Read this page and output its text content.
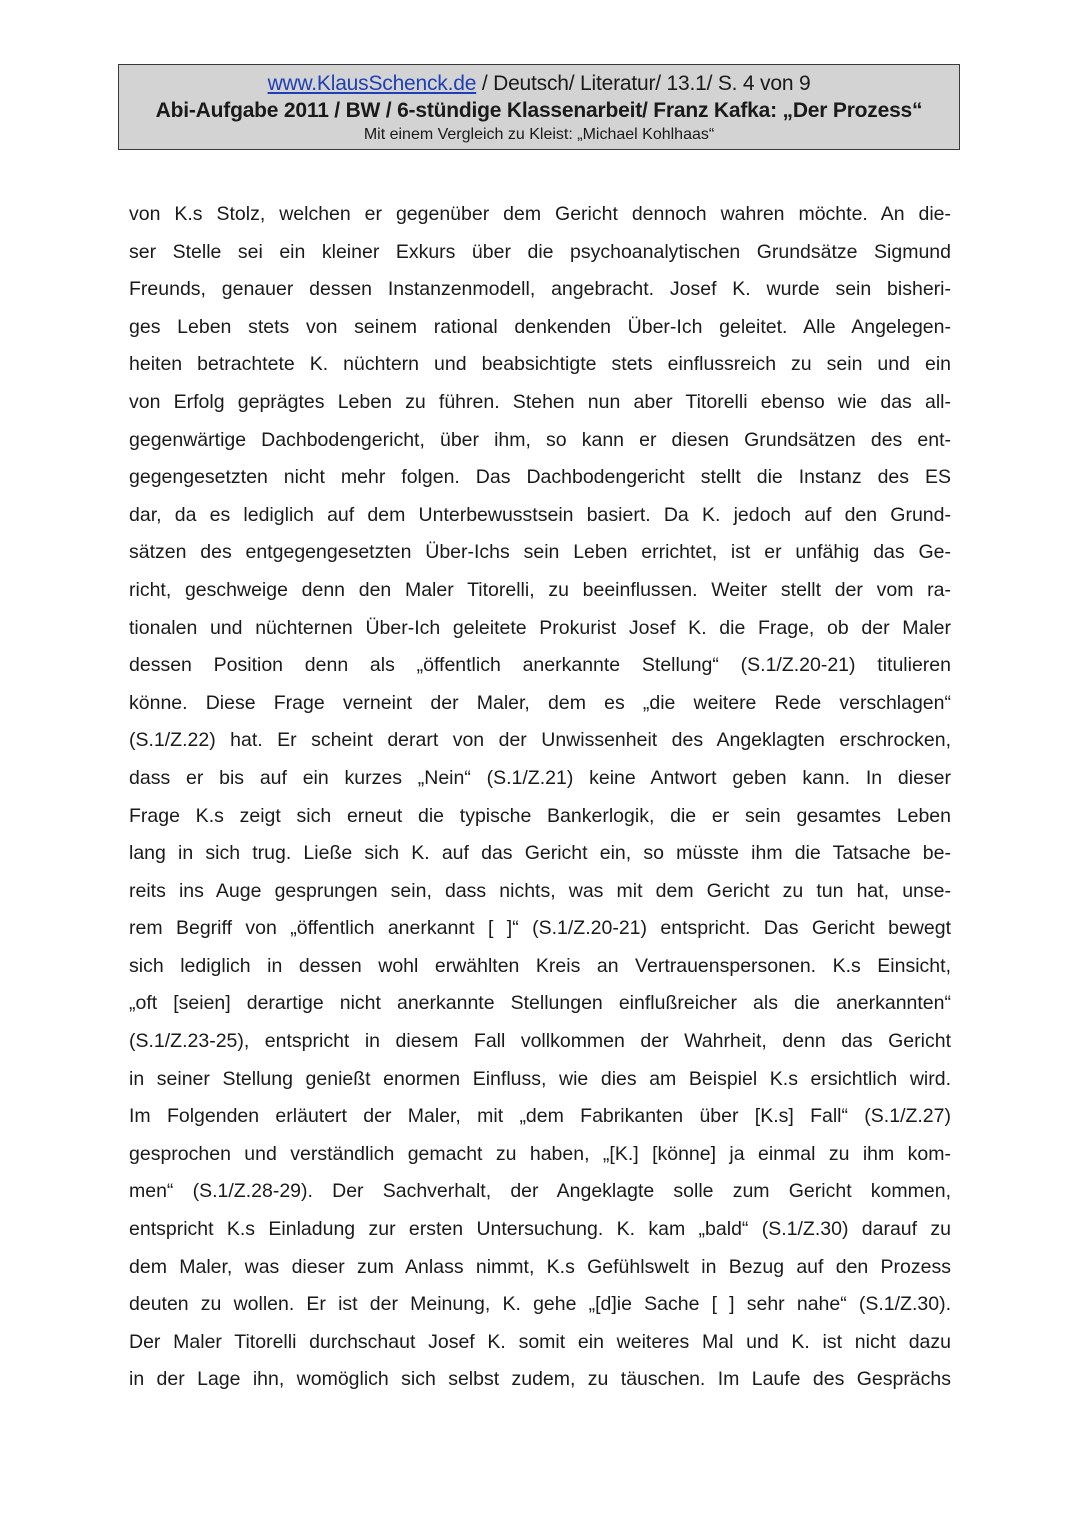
www.KlausSchenck.de / Deutsch/ Literatur/ 13.1/ S. 4 von 9
Abi-Aufgabe 2011 / BW / 6-stündige Klassenarbeit/ Franz Kafka: „Der Prozess“
Mit einem Vergleich zu Kleist: „Michael Kohlhaas“
von K.s Stolz, welchen er gegenüber dem Gericht dennoch wahren möchte. An die-
ser Stelle sei ein kleiner Exkurs über die psychoanalytischen Grundsätze Sigmund
Freunds, genauer dessen Instanzenmodell, angebracht. Josef K. wurde sein bisheri-
ges Leben stets von seinem rational denkenden Über-Ich geleitet. Alle Angelegen-
heiten betrachtete K. nüchtern und beabsichtigte stets einflussreich zu sein und ein
von Erfolg geprägtes Leben zu führen. Stehen nun aber Titorelli ebenso wie das all-
gegenwärtige Dachbodengericht, über ihm, so kann er diesen Grundsätzen des ent-
gegengesetzten nicht mehr folgen. Das Dachbodengericht stellt die Instanz des ES
dar, da es lediglich auf dem Unterbewusstsein basiert. Da K. jedoch auf den Grund-
sätzen des entgegengesetzten Über-Ichs sein Leben errichtet, ist er unfähig das Ge-
richt, geschweige denn den Maler Titorelli, zu beeinflussen. Weiter stellt der vom ra-
tionalen und nüchternen Über-Ich geleitete Prokurist Josef K. die Frage, ob der Maler
dessen Position denn als „öffentlich anerkannte Stellung“ (S.1/Z.20-21) titulieren
könne. Diese Frage verneint der Maler, dem es „die weitere Rede verschlagen“
(S.1/Z.22) hat. Er scheint derart von der Unwissenheit des Angeklagten erschrocken,
dass er bis auf ein kurzes „Nein“ (S.1/Z.21) keine Antwort geben kann. In dieser
Frage K.s zeigt sich erneut die typische Bankerlogik, die er sein gesamtes Leben
lang in sich trug. Ließe sich K. auf das Gericht ein, so müsste ihm die Tatsache be-
reits ins Auge gesprungen sein, dass nichts, was mit dem Gericht zu tun hat, unse-
rem Begriff von „öffentlich anerkannt [ ]“ (S.1/Z.20-21) entspricht. Das Gericht bewegt
sich lediglich in dessen wohl erwählten Kreis an Vertrauenspersonen. K.s Einsicht,
„oft [seien] derartige nicht anerkannte Stellungen einflußreicher als die anerkannten“
(S.1/Z.23-25), entspricht in diesem Fall vollkommen der Wahrheit, denn das Gericht
in seiner Stellung genießt enormen Einfluss, wie dies am Beispiel K.s ersichtlich wird.
Im Folgenden erläutert der Maler, mit „dem Fabrikanten über [K.s] Fall“ (S.1/Z.27)
gesprochen und verständlich gemacht zu haben, „[K.] [könne] ja einmal zu ihm kom-
men“ (S.1/Z.28-29). Der Sachverhalt, der Angeklagte solle zum Gericht kommen,
entspricht K.s Einladung zur ersten Untersuchung. K. kam „bald“ (S.1/Z.30) darauf zu
dem Maler, was dieser zum Anlass nimmt, K.s Gefühlswelt in Bezug auf den Prozess
deuten zu wollen. Er ist der Meinung, K. gehe „[d]ie Sache [ ] sehr nahe“ (S.1/Z.30).
Der Maler Titorelli durchschaut Josef K. somit ein weiteres Mal und K. ist nicht dazu
in der Lage ihn, womöglich sich selbst zudem, zu täuschen. Im Laufe des Gesprächs
